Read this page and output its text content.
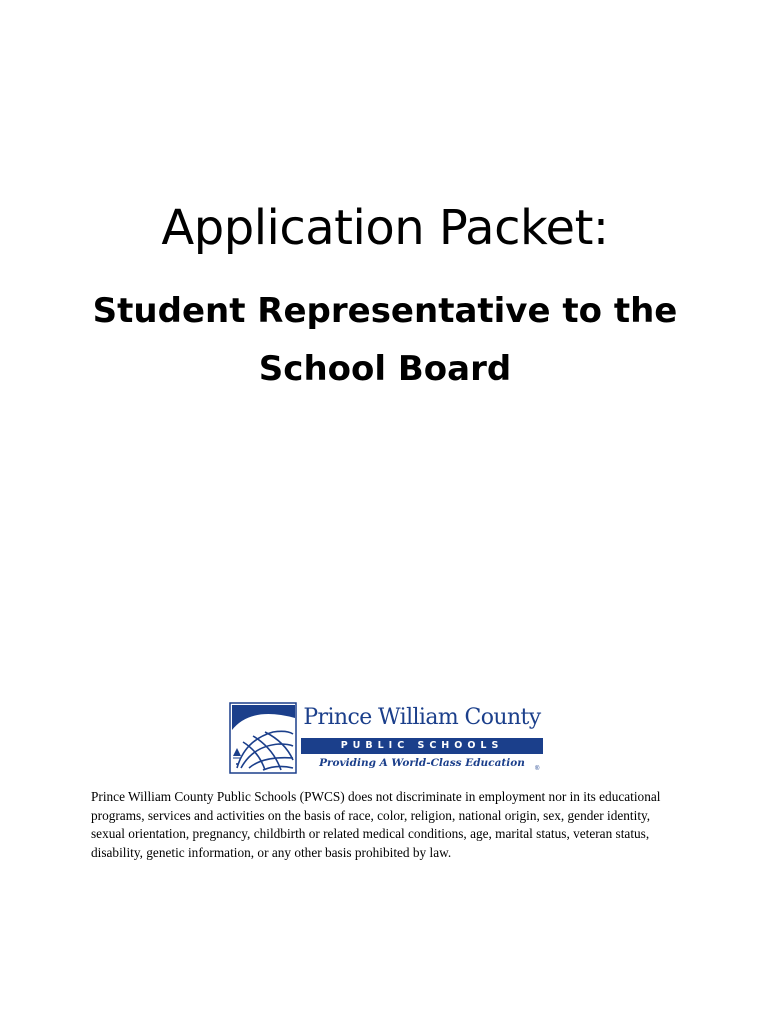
Application Packet:
Student Representative to the
School Board
Prince William County
PUBLIC SCHOOLS
Providing A World-Class Education	®

Prince William County Public Schools (PWCS) does not discriminate in employment nor in its educational programs, services and activities on the basis of race, color, religion, national origin, sex, gender identity, sexual orientation, pregnancy, childbirth or related medical conditions, age, marital status, veteran status, disability, genetic information, or any other basis prohibited by law.
